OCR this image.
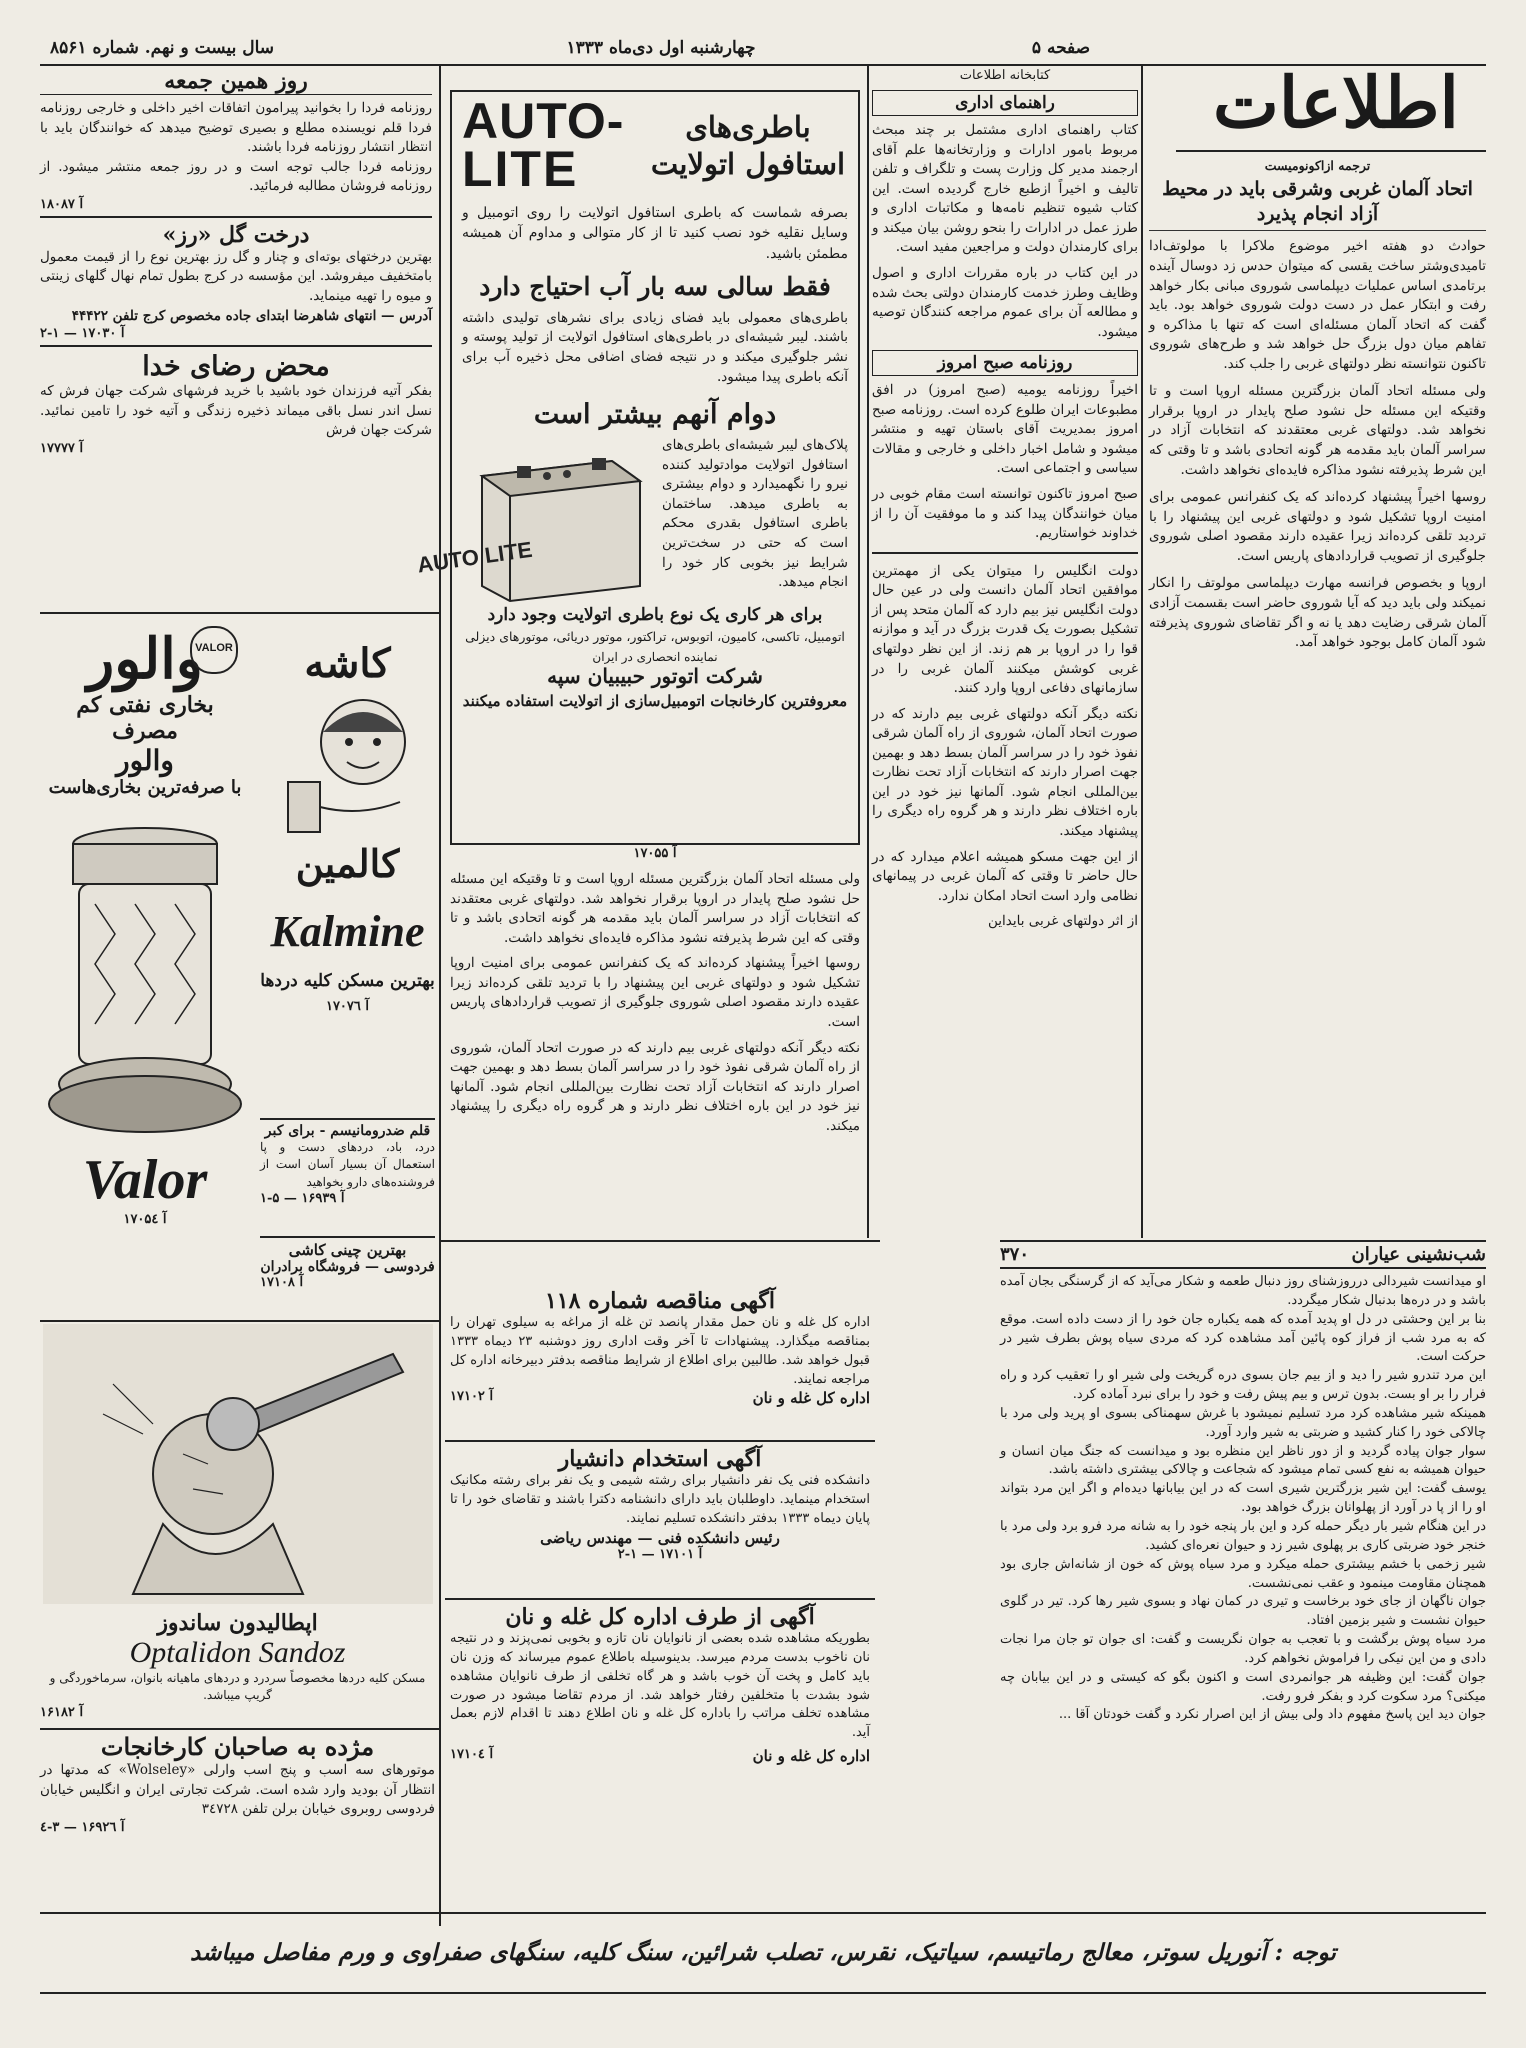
صفحه ۵
چهارشنبه اول دی‌ماه ۱۳۳۳
سال بیست و نهم. شماره ۸۵۶۱
اطلاعات

ترجمه ازاکونومیست

اتحاد آلمان غربی وشرقی باید در محیط آزاد انجام پذیرد

حوادث دو هفته اخیر موضوع ملاکرا با مولوتف‌ادا تامیدی‌وشتر ساخت یقسی که میتوان حدس زد دوسال آینده برتامدی اساس عملیات دیپلماسی شوروی مبانی بکار خواهد رفت و ابتکار عمل در دست دولت شوروی خواهد بود. باید گفت که اتحاد آلمان مسئله‌ای است که تنها با مذاکره و تفاهم میان دول بزرگ حل خواهد شد و طرح‌های شوروی تاکنون نتوانسته نظر دولتهای غربی را جلب کند.

ولی مسئله اتحاد آلمان بزرگترین مسئله اروپا است و تا وقتیکه این مسئله حل نشود صلح پایدار در اروپا برقرار نخواهد شد. دولتهای غربی معتقدند که انتخابات آزاد در سراسر آلمان باید مقدمه هر گونه اتحادی باشد و تا وقتی که این شرط پذیرفته نشود مذاکره فایده‌ای نخواهد داشت.

روسها اخیراً پیشنهاد کرده‌اند که یک کنفرانس عمومی برای امنیت اروپا تشکیل شود و دولتهای غربی این پیشنهاد را با تردید تلقی کرده‌اند زیرا عقیده دارند مقصود اصلی شوروی جلوگیری از تصویب قراردادهای پاریس است.

اروپا و بخصوص فرانسه مهارت دیپلماسی مولوتف را انکار نمیکند ولی باید دید که آیا شوروی حاضر است بقسمت آزادی آلمان شرقی رضایت دهد یا نه و اگر تقاضای شوروی پذیرفته شود آلمان کامل بوجود خواهد آمد.

کتابخانه اطلاعات

راهنمای اداری

کتاب راهنمای اداری مشتمل بر چند مبحث مربوط بامور ادارات و وزارتخانه‌ها علم آقای ارجمند مدیر کل وزارت پست و تلگراف و تلفن تالیف و اخیراً ازطبع خارج گردیده است. این کتاب شیوه تنظیم نامه‌ها و مکاتبات اداری و طرز عمل در ادارات را بنحو روشن بیان میکند و برای کارمندان دولت و مراجعین مفید است.

در این کتاب در باره مقررات اداری و اصول وظایف وطرز خدمت کارمندان دولتی بحث شده و مطالعه آن برای عموم مراجعه کنندگان توصیه میشود.

روزنامه صبح امروز

اخیراً روزنامه یومیه (صبح امروز) در افق مطبوعات ایران طلوع کرده است. روزنامه صبح امروز بمدیریت آقای باستان تهیه و منتشر میشود و شامل اخبار داخلی و خارجی و مقالات سیاسی و اجتماعی است.

صبح امروز تاکنون توانسته است مقام خوبی در میان خوانندگان پیدا کند و ما موفقیت آن را از خداوند خواستاریم.

دولت انگلیس را میتوان یکی از مهمترین موافقین اتحاد آلمان دانست ولی در عین حال دولت انگلیس نیز بیم دارد که آلمان متحد پس از تشکیل بصورت یک قدرت بزرگ در آید و موازنه قوا را در اروپا بر هم زند. از این نظر دولتهای غربی کوشش میکنند آلمان غربی را در سازمانهای دفاعی اروپا وارد کنند.

نکته دیگر آنکه دولتهای غربی بیم دارند که در صورت اتحاد آلمان، شوروی از راه آلمان شرقی نفوذ خود را در سراسر آلمان بسط دهد و بهمین جهت اصرار دارند که انتخابات آزاد تحت نظارت بین‌المللی انجام شود. آلمانها نیز خود در این باره اختلاف نظر دارند و هر گروه راه دیگری را پیشنهاد میکند.

از این جهت مسکو همیشه اعلام میدارد که در حال حاضر تا وقتی که آلمان غربی در پیمانهای نظامی وارد است اتحاد امکان ندارد.

از اثر دولتهای غربی بایداین

AUTO-
LITE
باطری‌های استافول اتولایت

بصرفه شماست که باطری استافول اتولایت را روی اتومبیل و وسایل نقلیه خود نصب کنید تا از کار متوالی و مداوم آن همیشه مطمئن باشید.

فقط سالی سه بار آب احتیاج دارد

باطری‌های معمولی باید فضای زیادی برای نشرهای تولیدی داشته باشند. لیبر شیشه‌ای در باطری‌های استافول اتولایت از تولید پوسته و نشر جلوگیری میکند و در نتیجه فضای اضافی محل ذخیره آب برای آنکه باطری پیدا میشود.

دوام آنهم بیشتر است

پلاک‌های لیبر شیشه‌ای باطری‌های استافول اتولایت موادتولید کننده نیرو را نگهمیدارد و دوام بیشتری به باطری میدهد. ساختمان باطری استافول بقدری محکم است که حتی در سخت‌ترین شرایط نیز بخوبی کار خود را انجام میدهد.

AUTO LITE

برای هر کاری یک نوع باطری اتولایت وجود دارد

اتومبیل، تاکسی، کامیون، اتوبوس، تراکتور، موتور دریائی، موتورهای دیزلی

نماینده انحصاری در ایران

شرکت اتوتور حبیبیان سپه

معروفترین کارخانجات اتومبیل‌سازی از اتولایت استفاده میکنند

آ ۱۷۰۵۵

ولی مسئله اتحاد آلمان بزرگترین مسئله اروپا است و تا وقتیکه این مسئله حل نشود صلح پایدار در اروپا برقرار نخواهد شد. دولتهای غربی معتقدند که انتخابات آزاد در سراسر آلمان باید مقدمه هر گونه اتحادی باشد و تا وقتی که این شرط پذیرفته نشود مذاکره فایده‌ای نخواهد داشت.

روسها اخیراً پیشنهاد کرده‌اند که یک کنفرانس عمومی برای امنیت اروپا تشکیل شود و دولتهای غربی این پیشنهاد را با تردید تلقی کرده‌اند زیرا عقیده دارند مقصود اصلی شوروی جلوگیری از تصویب قراردادهای پاریس است.

نکته دیگر آنکه دولتهای غربی بیم دارند که در صورت اتحاد آلمان، شوروی از راه آلمان شرقی نفوذ خود را در سراسر آلمان بسط دهد و بهمین جهت اصرار دارند که انتخابات آزاد تحت نظارت بین‌المللی انجام شود. آلمانها نیز خود در این باره اختلاف نظر دارند و هر گروه راه دیگری را پیشنهاد میکند.

روز همین جمعه

روزنامه فردا را بخوانید پیرامون اتفاقات اخیر داخلی و خارجی روزنامه فردا قلم نویسنده مطلع و بصیری توضیح میدهد که خوانندگان باید با انتظار انتشار روزنامه فردا باشند.

روزنامه فردا جالب توجه است و در روز جمعه منتشر میشود. از روزنامه فروشان مطالبه فرمائید.

آ ۱۸۰۸۷

درخت گل «رز»

بهترین درختهای بوته‌ای و چنار و گل رز بهترین نوع را از قیمت معمول بامتخفیف میفروشد. این مؤسسه در کرج بطول تمام نهال گلهای زینتی و میوه را تهیه مینماید.

آدرس — انتهای شاهرضا ابتدای جاده مخصوص کرج تلفن ۴۴۴۲۲

آ ۱۷۰۳۰ — ۱-۲

محض رضای خدا

بفکر آتیه فرزندان خود باشید با خرید فرشهای شرکت جهان فرش که نسل اندر نسل باقی میماند ذخیره زندگی و آتیه خود را تامین نمائید. شرکت جهان فرش

آ ۱۷۷۷۷
VALOR
والور
بخاری نفتی کم مصرف
والور
با صرفه‌ترین بخاری‌هاست
Valor
آ ۱۷۰۵٤
کاشه
کالمین
Kalmine
بهترین مسکن کلیه دردها
آ ۱۷۰۷٦

قلم ضدرومانیسم - برای کبر

درد، باد، دردهای دست و پا استعمال آن بسیار آسان است از فروشنده‌های دارو بخواهید

آ ۱۶۹۳۹ — ۵-۱

بهترین چینی کاشی

فردوسی — فروشگاه برادران

آ ۱۷۱۰۸
اپطالیدون ساندوز
Optalidon Sandoz

مسکن کلیه دردها مخصوصاً سردرد و دردهای ماهیانه بانوان، سرماخوردگی و گریپ میباشد.

آ ۱۶۱۸۲

مژده به صاحبان کارخانجات

موتورهای سه اسب و پنج اسب وارلی «Wolseley» که مدتها در انتظار آن بودید وارد شده است. شرکت تجارتی ایران و انگلیس خیابان فردوسی روبروی خیابان برلن تلفن ۳٤۷۲۸

آ ۱۶۹۲٦ — ۳-٤

آگهی مناقصه شماره ۱۱۸

اداره کل غله و نان حمل مقدار پانصد تن غله از مراغه به سیلوی تهران را بمناقصه میگذارد. پیشنهادات تا آخر وقت اداری روز دوشنبه ۲۳ دیماه ۱۳۳۳ قبول خواهد شد. طالبین برای اطلاع از شرایط مناقصه بدفتر دبیرخانه اداره کل مراجعه نمایند.

اداره کل غله و نان
آ ۱۷۱۰۲

آگهی استخدام دانشیار

دانشکده فنی یک نفر دانشیار برای رشته شیمی و یک نفر برای رشته مکانیک استخدام مینماید. داوطلبان باید دارای دانشنامه دکترا باشند و تقاضای خود را تا پایان دیماه ۱۳۳۳ بدفتر دانشکده تسلیم نمایند.

رئیس دانشکده فنی — مهندس ریاضی

آ ۱۷۱۰۱ — ۱-۲

آگهی از طرف اداره کل غله و نان

بطوریکه مشاهده شده بعضی از نانوایان نان تازه و بخوبی نمی‌پزند و در نتیجه نان ناخوب بدست مردم میرسد. بدینوسیله باطلاع عموم میرساند که وزن نان باید کامل و پخت آن خوب باشد و هر گاه تخلفی از طرف نانوایان مشاهده شود بشدت با متخلفین رفتار خواهد شد. از مردم تقاضا میشود در صورت مشاهده تخلف مراتب را باداره کل غله و نان اطلاع دهند تا اقدام لازم بعمل آید.

اداره کل غله و نان
آ ۱۷۱۰٤
شب‌نشینی عیاران
۳۷۰

او میدانست شیردالی درروزشنای روز دنبال طعمه و شکار می‌آید که از گرسنگی بجان آمده باشد و در دره‌ها بدنبال شکار میگردد.

بنا بر این وحشتی در دل او پدید آمده که همه یکباره جان خود را از دست داده است. موقع که به مرد شب از فراز کوه پائین آمد مشاهده کرد که مردی سیاه پوش بطرف شیر در حرکت است.

این مرد تندرو شیر را دید و از بیم جان بسوی دره گریخت ولی شیر او را تعقیب کرد و راه فرار را بر او بست. بدون ترس و بیم پیش رفت و خود را برای نبرد آماده کرد.

همینکه شیر مشاهده کرد مرد تسلیم نمیشود با غرش سهمناکی بسوی او پرید ولی مرد با چالاکی خود را کنار کشید و ضربتی به شیر وارد آورد.

سوار جوان پیاده گردید و از دور ناظر این منظره بود و میدانست که جنگ میان انسان و حیوان همیشه به نفع کسی تمام میشود که شجاعت و چالاکی بیشتری داشته باشد.

یوسف گفت: این شیر بزرگترین شیری است که در این بیابانها دیده‌ام و اگر این مرد بتواند او را از پا در آورد از پهلوانان بزرگ خواهد بود.

در این هنگام شیر بار دیگر حمله کرد و این بار پنجه خود را به شانه مرد فرو برد ولی مرد با خنجر خود ضربتی کاری بر پهلوی شیر زد و حیوان نعره‌ای کشید.

شیر زخمی با خشم بیشتری حمله میکرد و مرد سیاه پوش که خون از شانه‌اش جاری بود همچنان مقاومت مینمود و عقب نمی‌نشست.

جوان ناگهان از جای خود برخاست و تیری در کمان نهاد و بسوی شیر رها کرد. تیر در گلوی حیوان نشست و شیر بزمین افتاد.

مرد سیاه پوش برگشت و با تعجب به جوان نگریست و گفت: ای جوان تو جان مرا نجات دادی و من این نیکی را فراموش نخواهم کرد.

جوان گفت: این وظیفه هر جوانمردی است و اکنون بگو که کیستی و در این بیابان چه میکنی؟ مرد سکوت کرد و بفکر فرو رفت.

جوان دید این پاسخ مفهوم داد ولی بیش از این اصرار نکرد و گفت خودتان آقا ...

توجه : آنوریل سوتر، معالج رماتیسم، سیاتیک، نقرس، تصلب شرائین، سنگ کلیه، سنگهای صفراوی و ورم مفاصل میباشد
